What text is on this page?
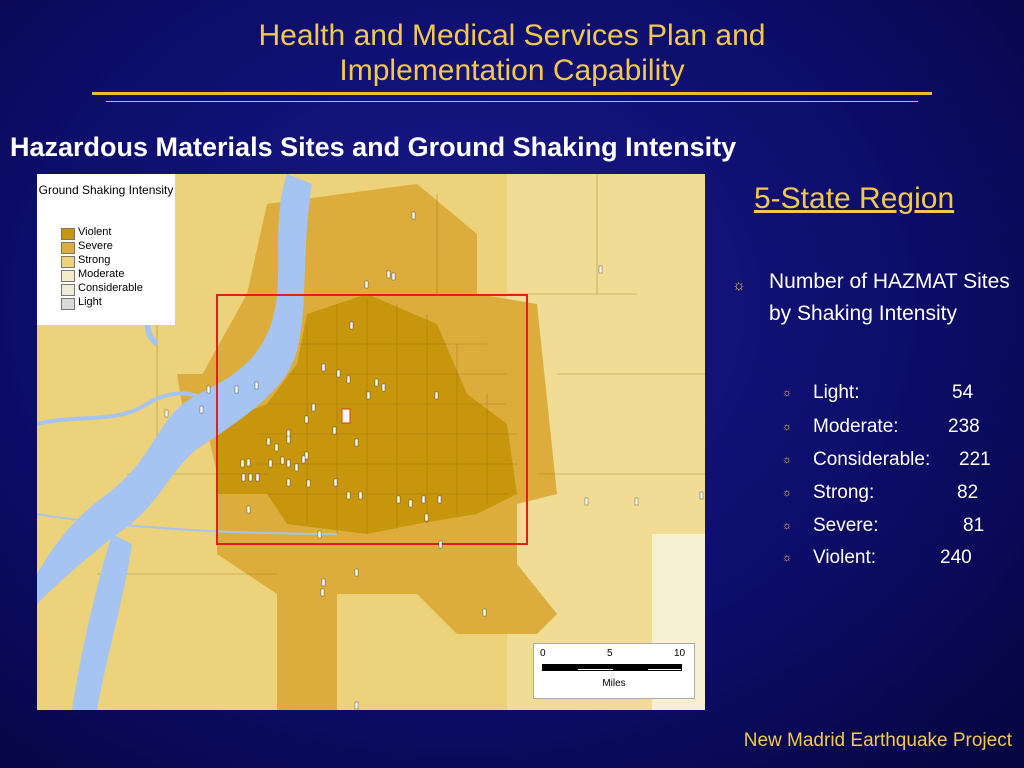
Health and Medical Services Plan and
Implementation Capability
Hazardous Materials Sites and Ground Shaking Intensity
Ground Shaking Intensity
Violent
Severe
Strong
Moderate
Considerable
Light
0	5	10
Miles
5-State Region
☼ Number of HAZMAT Sites by Shaking Intensity
☼ Light:	54
☼ Moderate:	238
☼ Considerable: 221
☼ Strong:	82
☼ Severe:	81
☼ Violent:	240
New Madrid Earthquake Project
